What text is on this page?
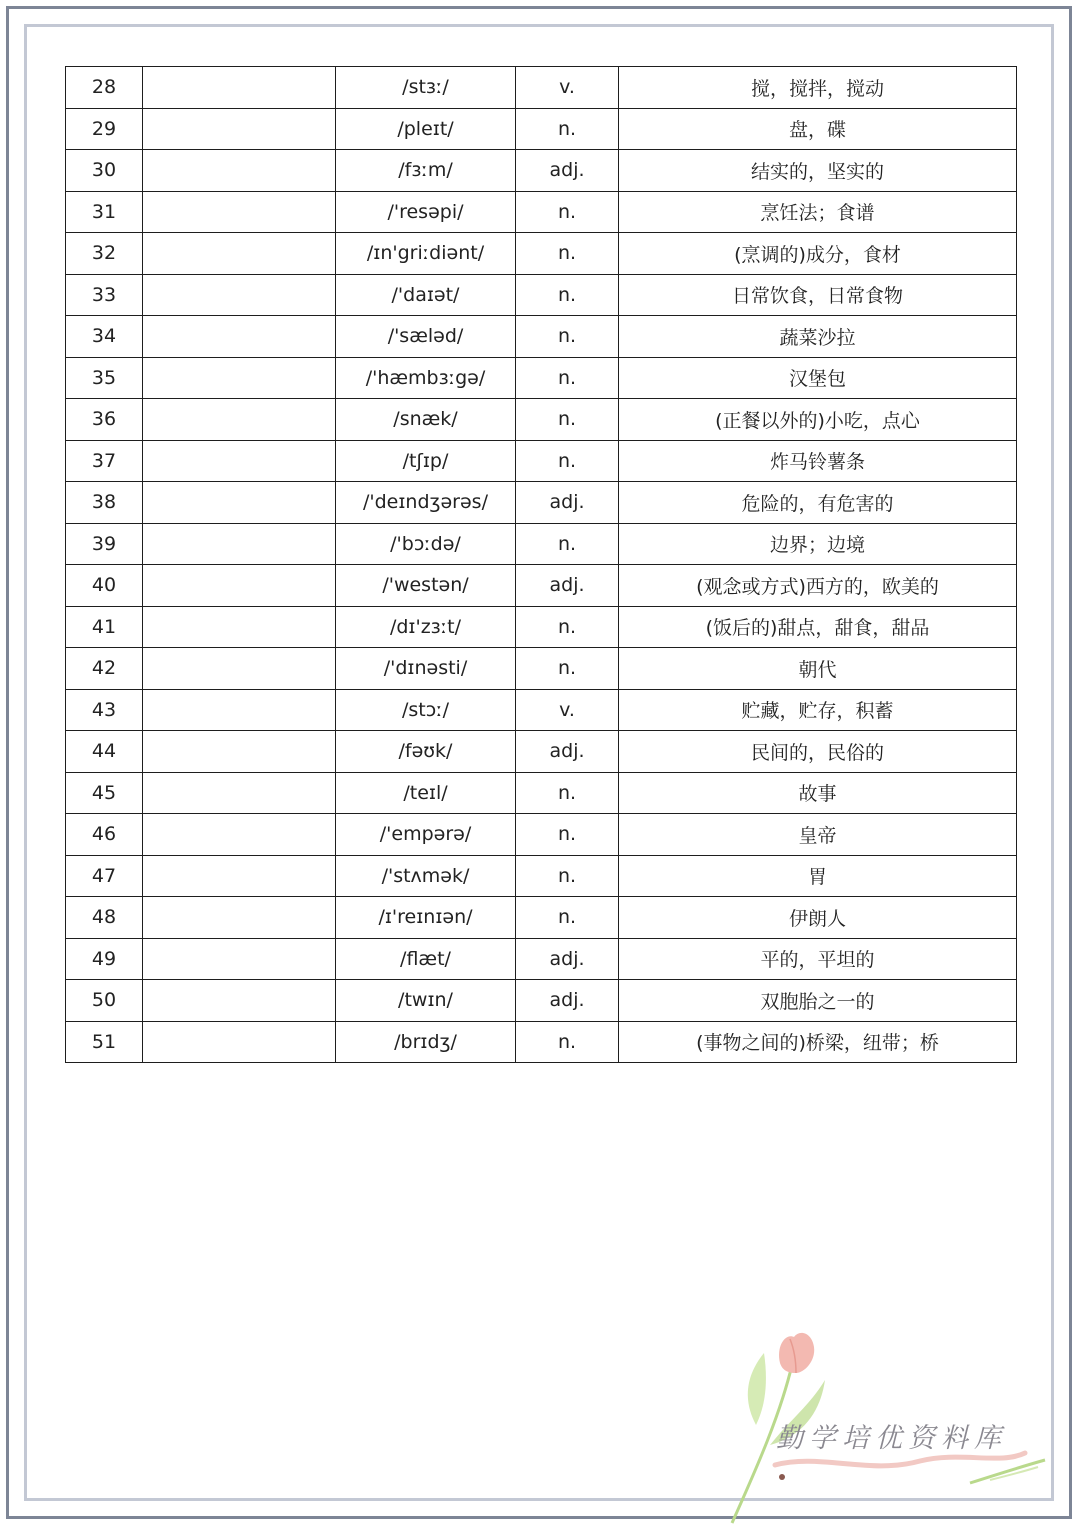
28		/stɜː/	v.	搅，搅拌，搅动
29		/pleɪt/	n.	盘，碟
30		/fɜːm/	adj.	结实的，坚实的
31		/'resəpi/	n.	烹饪法；食谱
32		/ɪn'griːdiənt/	n.	(烹调的)成分，食材
33		/'daɪət/	n.	日常饮食，日常食物
34		/'sæləd/	n.	蔬菜沙拉
35		/'hæmbɜːgə/	n.	汉堡包
36		/snæk/	n.	(正餐以外的)小吃，点心
37		/tʃɪp/	n.	炸马铃薯条
38		/'deɪndʒərəs/	adj.	危险的，有危害的
39		/'bɔːdə/	n.	边界；边境
40		/'westən/	adj.	(观念或方式)西方的，欧美的
41		/dɪ'zɜːt/	n.	(饭后的)甜点，甜食，甜品
42		/'dɪnəsti/	n.	朝代
43		/stɔː/	v.	贮藏，贮存，积蓄
44		/fəʊk/	adj.	民间的，民俗的
45		/teɪl/	n.	故事
46		/'empərə/	n.	皇帝
47		/'stʌmək/	n.	胃
48		/ɪ'reɪnɪən/	n.	伊朗人
49		/flæt/	adj.	平的，平坦的
50		/twɪn/	adj.	双胞胎之一的
51		/brɪdʒ/	n.	(事物之间的)桥梁，纽带；桥
勤学培优资料库
